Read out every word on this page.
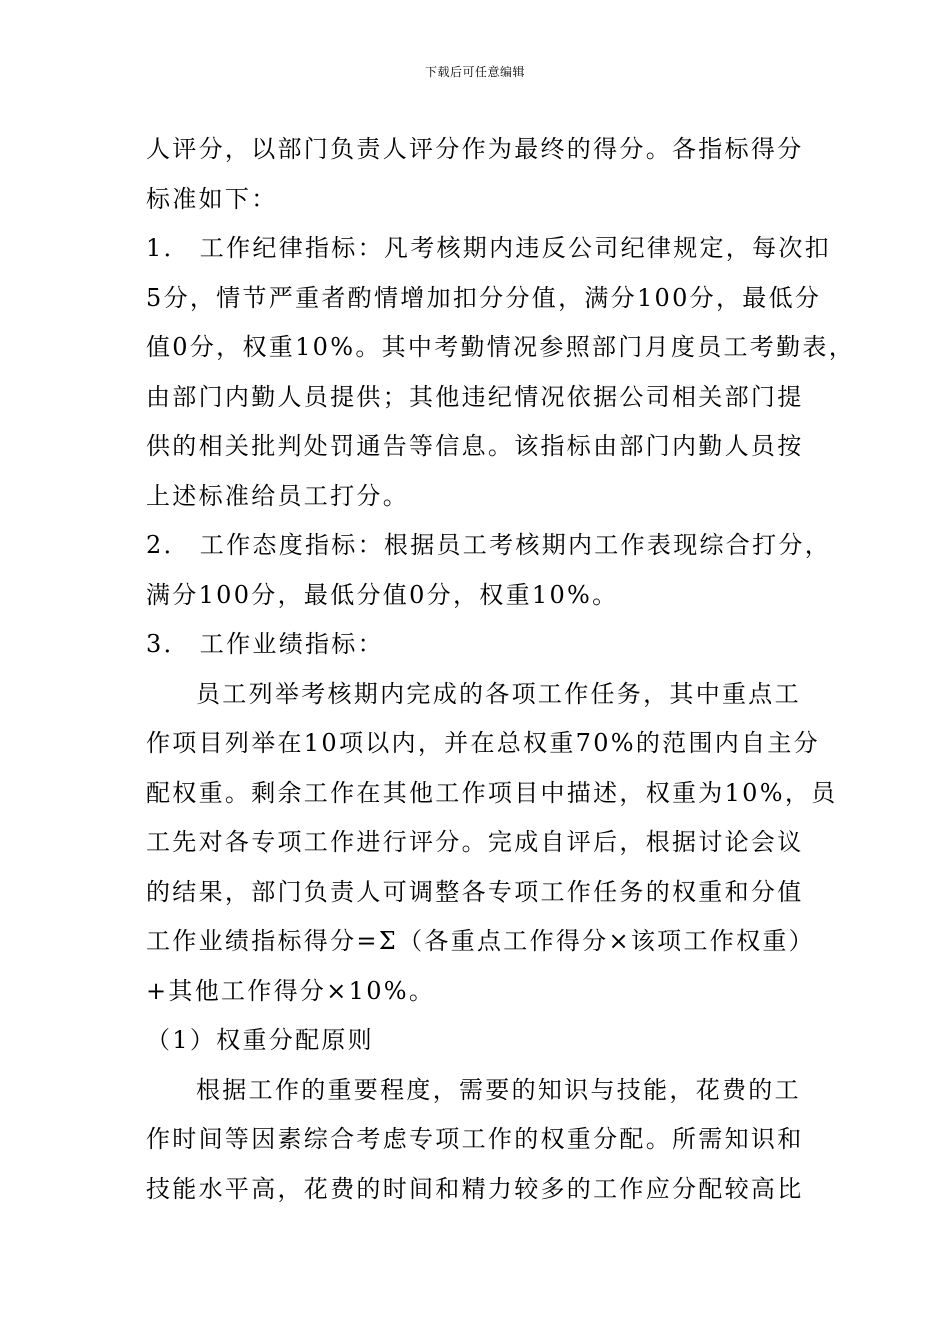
下载后可任意编辑
人评分，以部门负责人评分作为最终的得分。各指标得分
标准如下：
1． 工作纪律指标：凡考核期内违反公司纪律规定，每次扣
5分，情节严重者酌情增加扣分分值，满分100分，最低分
值0分，权重10%。其中考勤情况参照部门月度员工考勤表，
由部门内勤人员提供；其他违纪情况依据公司相关部门提
供的相关批判处罚通告等信息。该指标由部门内勤人员按
上述标准给员工打分。
2． 工作态度指标：根据员工考核期内工作表现综合打分，
满分100分，最低分值0分，权重10%。
3． 工作业绩指标：
员工列举考核期内完成的各项工作任务，其中重点工
作项目列举在10项以内，并在总权重70%的范围内自主分
配权重。剩余工作在其他工作项目中描述，权重为10%，员
工先对各专项工作进行评分。完成自评后，根据讨论会议
的结果，部门负责人可调整各专项工作任务的权重和分值
工作业绩指标得分=Σ（各重点工作得分×该项工作权重）
+其他工作得分×10%。
（1）权重分配原则
根据工作的重要程度，需要的知识与技能，花费的工
作时间等因素综合考虑专项工作的权重分配。所需知识和
技能水平高，花费的时间和精力较多的工作应分配较高比
